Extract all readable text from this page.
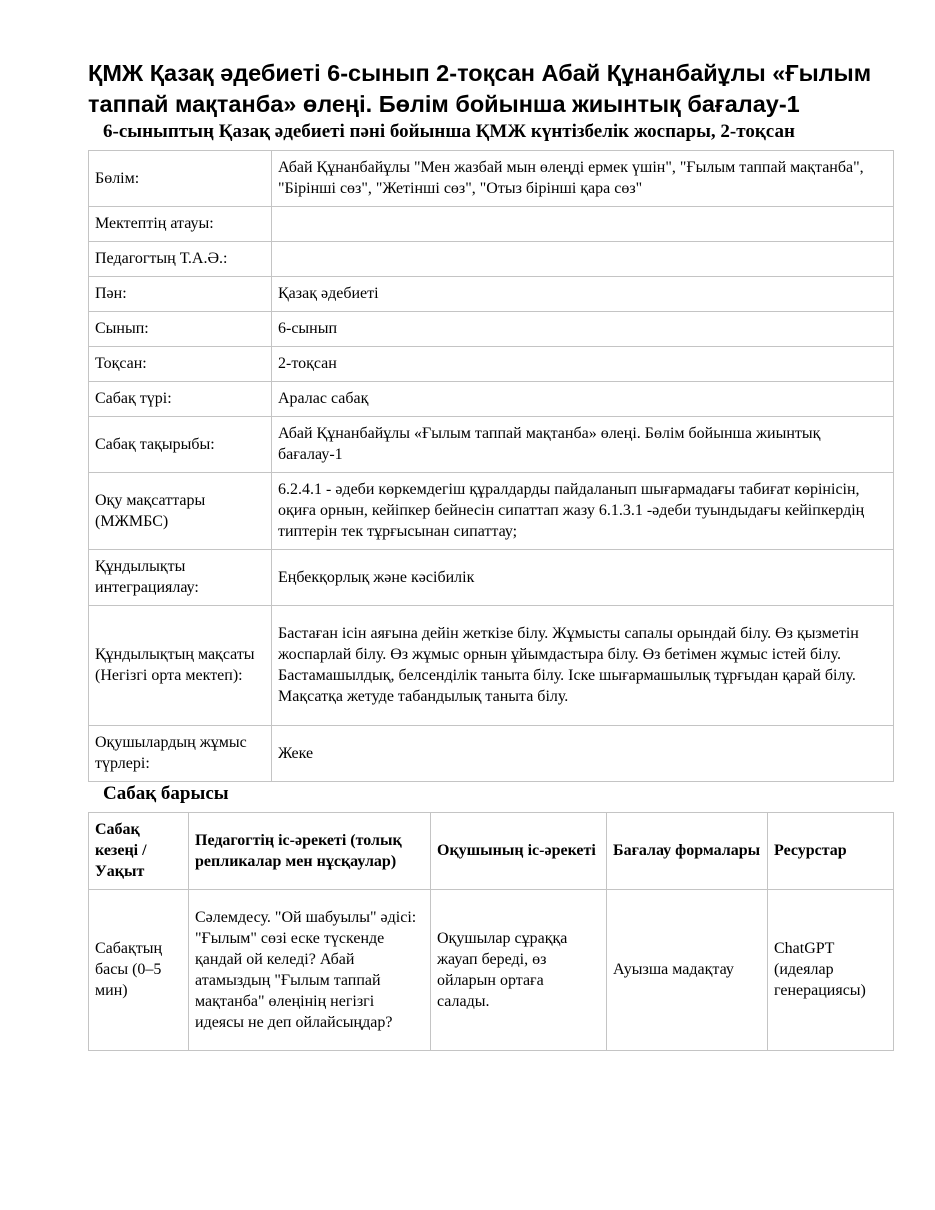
ҚМЖ Қазақ әдебиеті 6-сынып 2-тоқсан Абай Құнанбайұлы «Ғылым таппай мақтанба» өлеңі. Бөлім бойынша жиынтық бағалау-1
6-сыныптың Қазақ әдебиеті пәні бойынша ҚМЖ күнтізбелік жоспары, 2-тоқсан
Бөлім:	Абай Құнанбайұлы "Мен жазбай мын өлеңді ермек үшін", "Ғылым таппай мақтанба", "Бірінші сөз", "Жетінші сөз", "Отыз бірінші қара сөз"
Мектептің атауы:	
Педагогтың Т.А.Ә.:	
Пән:	Қазақ әдебиеті
Сынып:	6-сынып
Тоқсан:	2-тоқсан
Сабақ түрі:	Аралас сабақ
Сабақ тақырыбы:	Абай Құнанбайұлы «Ғылым таппай мақтанба» өлеңі. Бөлім бойынша жиынтық бағалау-1
Оқу мақсаттары (МЖМБС)	6.2.4.1 - әдеби көркемдегіш құралдарды пайдаланып шығармадағы табиғат көрінісін, оқиға орнын, кейіпкер бейнесін сипаттап жазу 6.1.3.1 -әдеби туындыдағы кейіпкердің типтерін тек тұрғысынан сипаттау;
Құндылықты интеграциялау:	Еңбекқорлық және кәсібилік
Құндылықтың мақсаты (Негізгі орта мектеп):	Бастаған ісін аяғына дейін жеткізе білу. Жұмысты сапалы орындай білу. Өз қызметін жоспарлай білу. Өз жұмыс орнын ұйымдастыра білу. Өз бетімен жұмыс істей білу. Бастамашылдық, белсенділік таныта білу. Іске шығармашылық тұрғыдан қарай білу. Мақсатқа жетуде табандылық таныта білу.
Оқушылардың жұмыс түрлері:	Жеке
Сабақ барысы
Сабақ кезеңі / Уақыт	Педагогтің іс-әрекеті (толық репликалар мен нұсқаулар)	Оқушының іс-әрекеті	Бағалау формалары	Ресурстар
Сабақтың басы (0–5 мин)	Сәлемдесу. "Ой шабуылы" әдісі: "Ғылым" сөзі еске түскенде қандай ой келеді? Абай атамыздың "Ғылым таппай мақтанба" өлеңінің негізгі идеясы не деп ойлайсыңдар?	Оқушылар сұраққа жауап береді, өз ойларын ортаға салады.	Ауызша мадақтау	ChatGPT (идеялар генерациясы)
